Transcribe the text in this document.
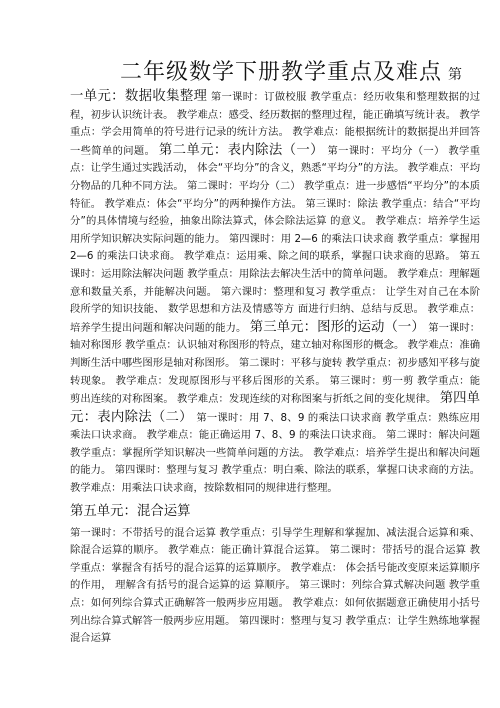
二年级数学下册教学重点及难点 第

一单元：数据收集整理 第一课时：订做校服 教学重点：经历收集和整理数据的过程，初步认识统计表。 教学难点：感受、经历数据的整理过程，能正确填写统计表。 教学重点：学会用简单的符号进行记录的统计方法。 教学难点：能根据统计的数据提出并回答一些简单的问题。 第二单元：表内除法（一） 第一课时：平均分（一） 教学重点：让学生通过实践活动， 体会“平均分”的含义，熟悉“平均分”的方法。 教学难点：平均分物品的几种不同方法。 第二课时：平均分（二） 教学重点：进一步感悟“平均分”的本质特征。 教学难点：体会“平均分”的两种操作方法。 第三课时：除法 教学重点：结合“平均分”的具体情境与经验，抽象出除法算式，体会除法运算 的意义。 教学难点：培养学生运用所学知识解决实际问题的能力。 第四课时：用 2—6 的乘法口诀求商 教学重点：掌握用 2—6 的乘法口诀求商。 教学难点：运用乘、除之间的联系，掌握口诀求商的思路。 第五课时：运用除法解决问题 教学重点：用除法去解决生活中的简单问题。 教学难点：理解题意和数量关系，并能解决问题。 第六课时：整理和复习 教学重点： 让学生对自己在本阶段所学的知识技能、 数学思想和方法及情感等方 面进行归纳、总结与反思。 教学难点：培养学生提出问题和解决问题的能力。 第三单元：图形的运动（一） 第一课时：轴对称图形 教学重点：认识轴对称图形的特点，建立轴对称图形的概念。 教学难点：准确判断生活中哪些图形是轴对称图形。 第二课时：平移与旋转 教学重点：初步感知平移与旋转现象。 教学难点：发现原图形与平移后图形的关系。 第三课时：剪一剪 教学重点：能剪出连续的对称图案。 教学难点：发现连续的对称图案与折纸之间的变化规律。 第四单元：表内除法（二） 第一课时：用 7、8、9 的乘法口诀求商 教学重点：熟练应用乘法口诀求商。 教学难点：能正确运用 7、8、9 的乘法口诀求商。 第二课时：解决问题 教学重点：掌握所学知识解决一些简单问题的方法。 教学难点：培养学生提出和解决问题的能力。 第四课时：整理与复习 教学重点：明白乘、除法的联系，掌握口诀求商的方法。 教学难点：用乘法口诀求商，按除数相同的规律进行整理。

第五单元：混合运算

第一课时：不带括号的混合运算 教学重点：引导学生理解和掌握加、减法混合运算和乘、除混合运算的顺序。 教学难点：能正确计算混合运算。 第二课时：带括号的混合运算 教学重点：掌握含有括号的混合运算的运算顺序。 教学难点： 体会括号能改变原来运算顺序的作用， 理解含有括号的混合运算的运 算顺序。 第三课时：列综合算式解决问题 教学重点：如何列综合算式正确解答一般两步应用题。 教学难点：如何依据题意正确使用小括号列出综合算式解答一般两步应用题。 第四课时：整理与复习 教学重点：让学生熟练地掌握混合运算
